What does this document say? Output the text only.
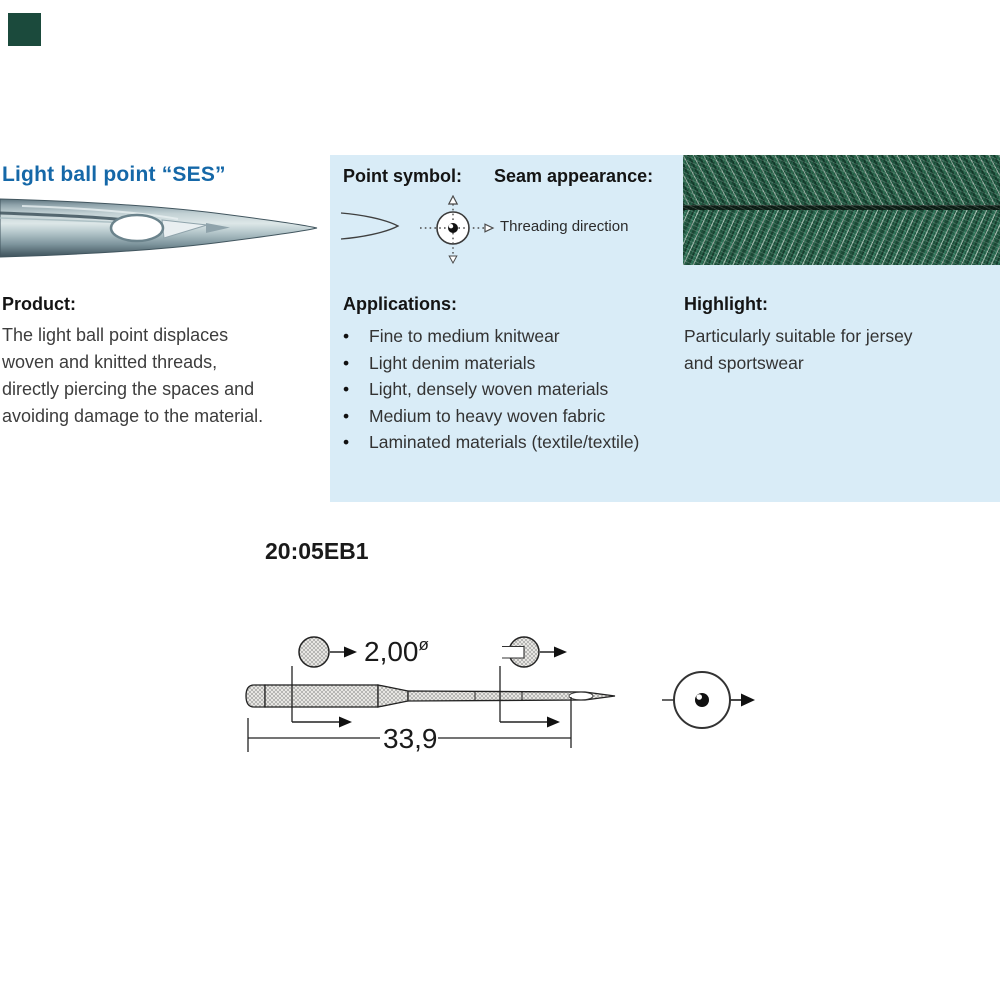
Light ball point “SES”
Product:
The light ball point displaces woven and knitted threads, directly piercing the spaces and avoiding damage to the material.
Point symbol: Seam appearance:
Threading direction
Applications:
• Fine to medium knitwear
• Light denim materials
• Light, densely woven materials
• Medium to heavy woven fabric
• Laminated materials (textile/textile)
Highlight:
Particularly suitable for jersey and sportswear
20:05EB1
$2,00^ø$
33,9
